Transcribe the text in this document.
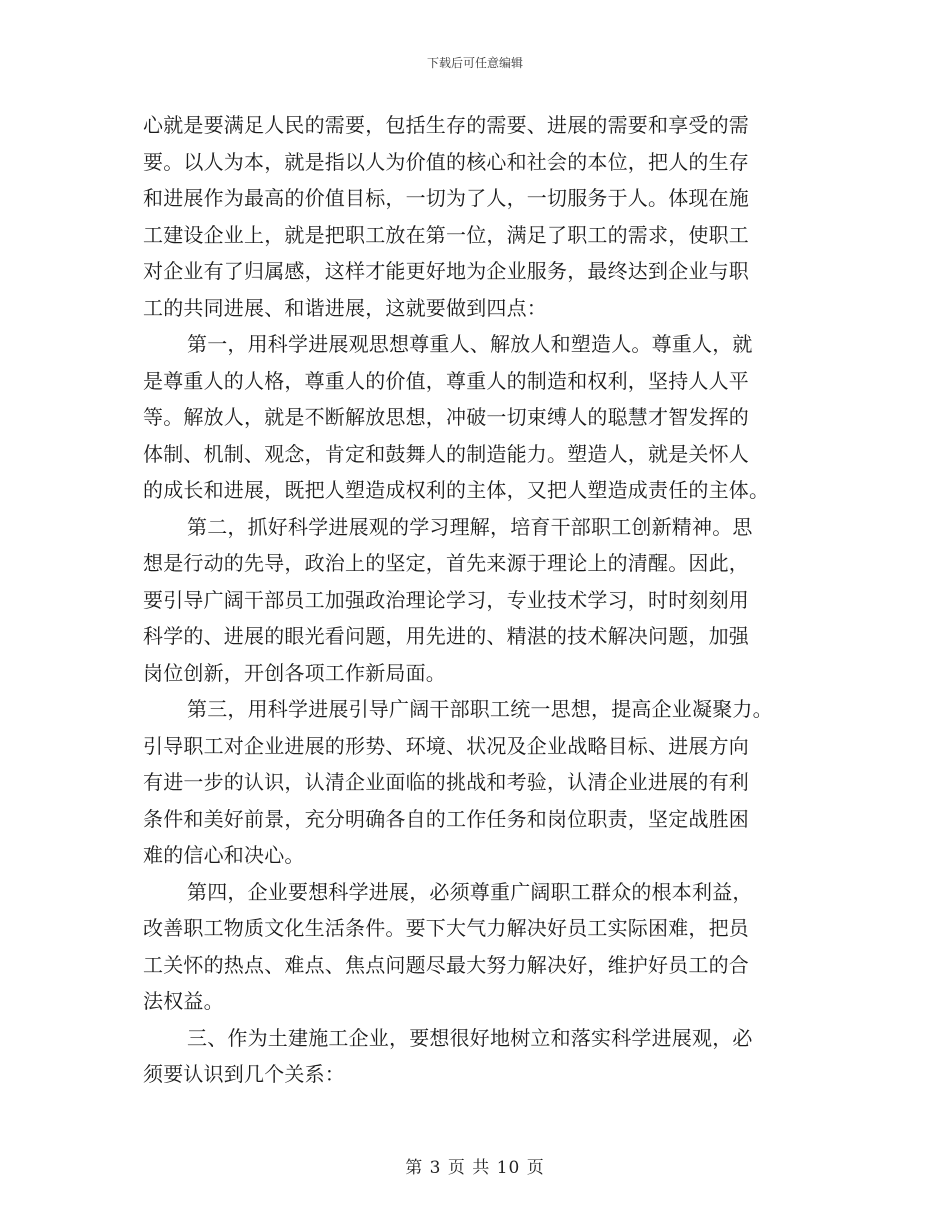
下载后可任意编辑
心就是要满足人民的需要，包括生存的需要、进展的需要和享受的需
要。以人为本，就是指以人为价值的核心和社会的本位，把人的生存
和进展作为最高的价值目标，一切为了人，一切服务于人。体现在施
工建设企业上，就是把职工放在第一位，满足了职工的需求，使职工
对企业有了归属感，这样才能更好地为企业服务，最终达到企业与职
工的共同进展、和谐进展，这就要做到四点：
第一，用科学进展观思想尊重人、解放人和塑造人。尊重人，就
是尊重人的人格，尊重人的价值，尊重人的制造和权利，坚持人人平
等。解放人，就是不断解放思想，冲破一切束缚人的聪慧才智发挥的
体制、机制、观念，肯定和鼓舞人的制造能力。塑造人，就是关怀人
的成长和进展，既把人塑造成权利的主体，又把人塑造成责任的主体。
第二，抓好科学进展观的学习理解，培育干部职工创新精神。思
想是行动的先导，政治上的坚定，首先来源于理论上的清醒。因此，
要引导广阔干部员工加强政治理论学习，专业技术学习，时时刻刻用
科学的、进展的眼光看问题，用先进的、精湛的技术解决问题，加强
岗位创新，开创各项工作新局面。
第三，用科学进展引导广阔干部职工统一思想，提高企业凝聚力。
引导职工对企业进展的形势、环境、状况及企业战略目标、进展方向
有进一步的认识，认清企业面临的挑战和考验，认清企业进展的有利
条件和美好前景，充分明确各自的工作任务和岗位职责，坚定战胜困
难的信心和决心。
第四，企业要想科学进展，必须尊重广阔职工群众的根本利益，
改善职工物质文化生活条件。要下大气力解决好员工实际困难，把员
工关怀的热点、难点、焦点问题尽最大努力解决好，维护好员工的合
法权益。
三、作为土建施工企业，要想很好地树立和落实科学进展观，必
须要认识到几个关系：
第 3 页 共 10 页
